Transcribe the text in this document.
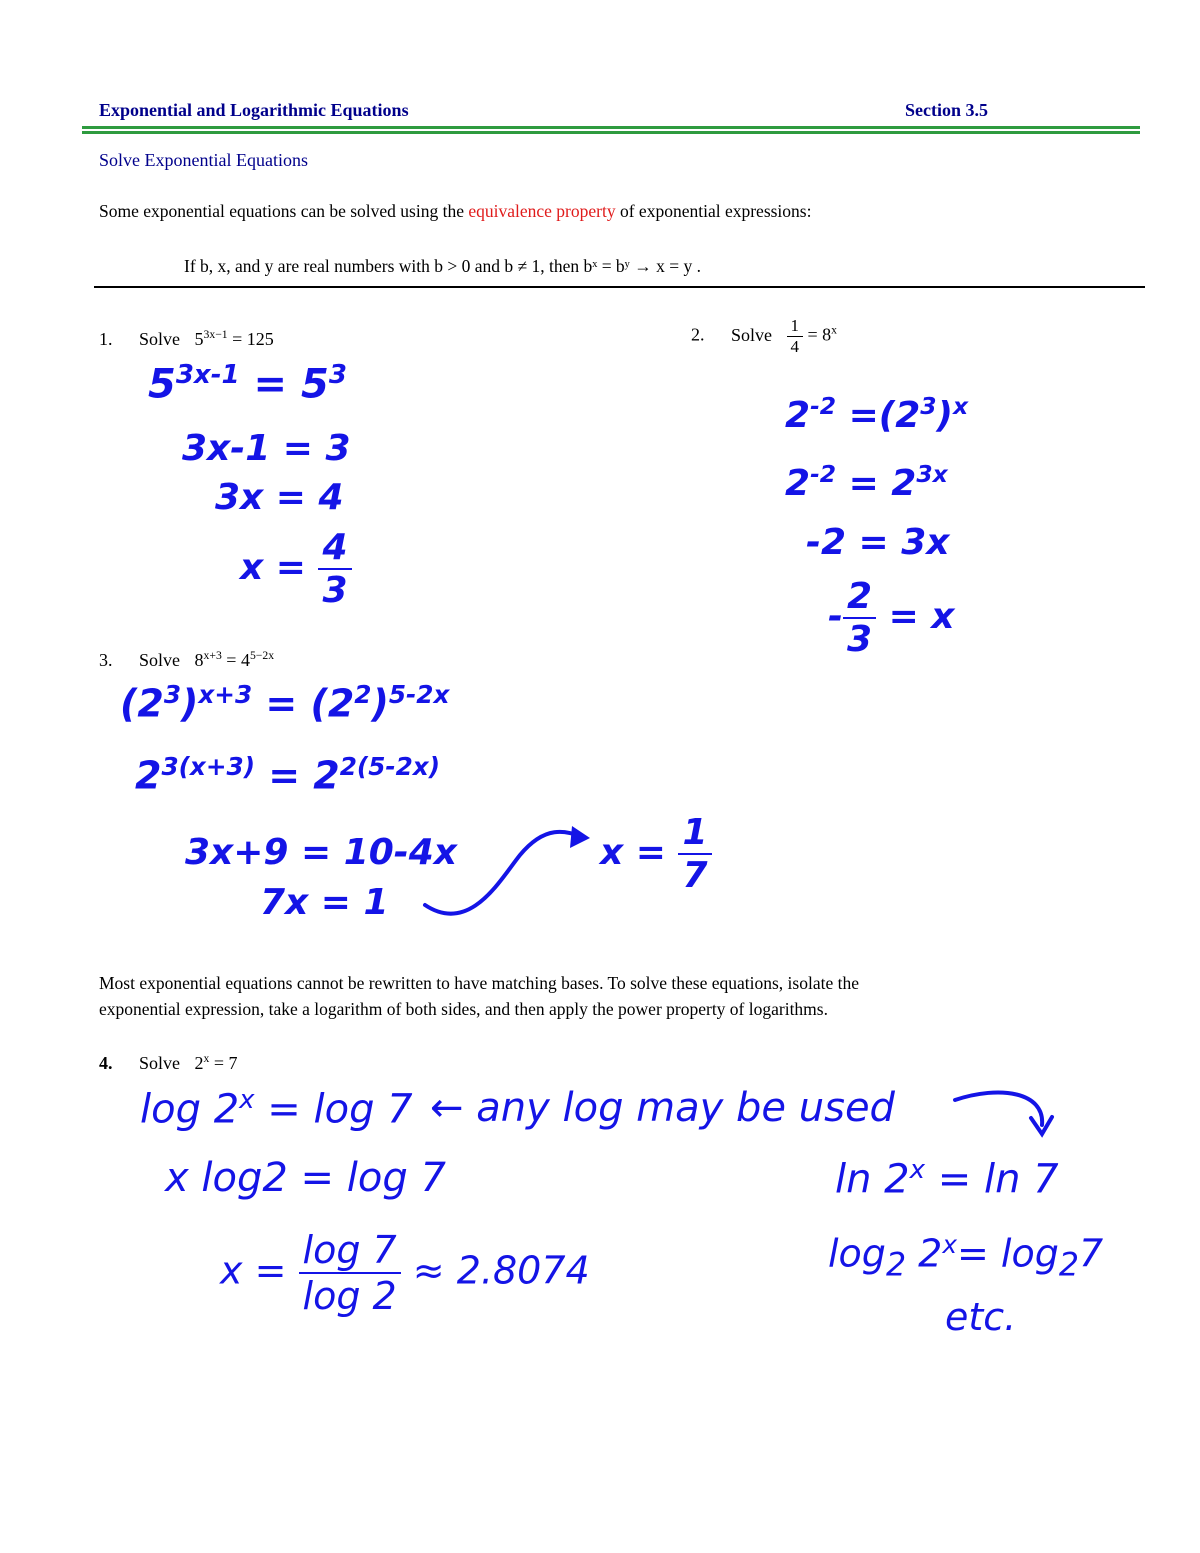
Exponential and Logarithmic Equations	Section 3.5
Solve Exponential Equations
Some exponential equations can be solved using the equivalence property of exponential expressions:
If b, x, and y are real numbers with b > 0 and b ≠ 1, then bˣ = bʸ → x = y .
1. Solve $5^{3x-1} = 125$
$5^{3x-1} = 5^3$
3x-1 = 3
3x = 4
$x = \frac{4}{3}$
2. Solve $\frac{1}{4} = 8^x$
$2^{-2} =(2^3)^x$
$2^{-2} = 2^{3x}$
-2 = 3x
- $\frac{2}{3} = x$
3. Solve $8^{x+3} = 4^{5-2x}$
$(2^3)^{x+3} = (2^2)^{5-2x}$
$2^{3(x+3)} = 2^{2(5-2x)}$
3x+9 = 10-4x
7x = 1
$x = \frac{1}{7}$
Most exponential equations cannot be rewritten to have matching bases. To solve these equations, isolate the
exponential expression, take a logarithm of both sides, and then apply the power property of logarithms.
4. Solve $2^x = 7$
$\log 2^x = \log 7$ ← any log may be used
x log2 = log 7
$x = \frac{\log 7}{\log 2} \approx 2.8074$
$\ln 2^x = \ln 7$
$\log_2 2^x= \log_27$
etc.
